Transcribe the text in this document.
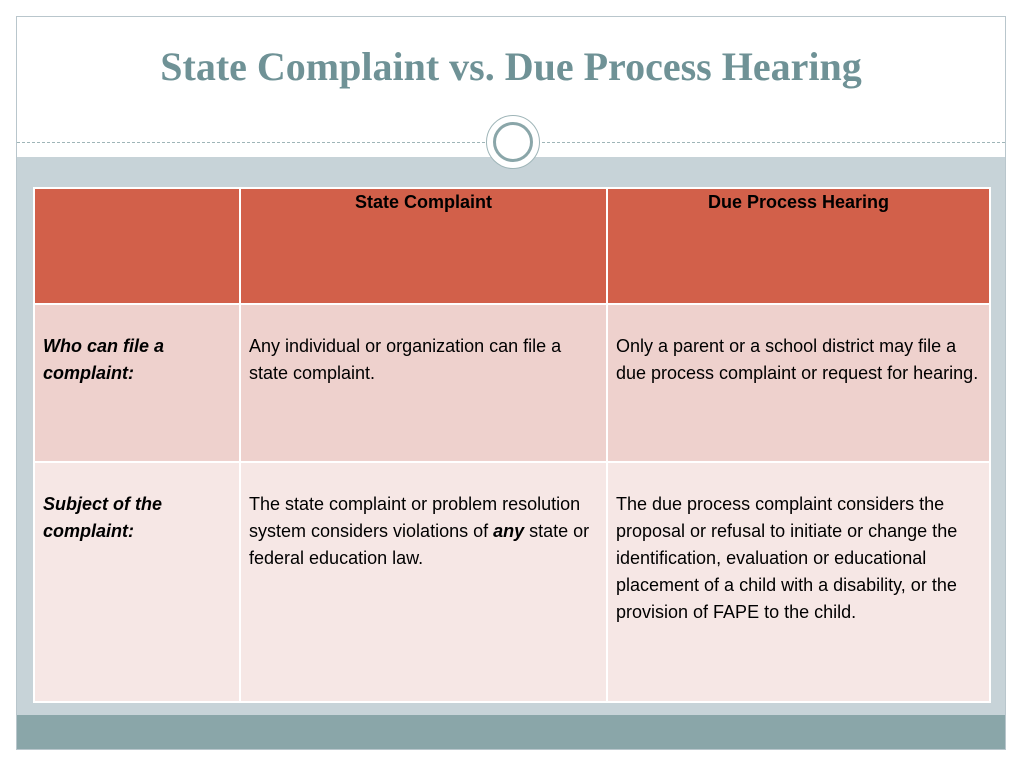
State Complaint vs. Due Process Hearing
	State Complaint	Due Process Hearing

Who can file a complaint:	Any individual or organization can file a state complaint.	Only a parent or a school district may file a due process complaint or request for hearing.

Subject of the complaint:	The state complaint or problem resolution system considers violations of any state or federal education law.	The due process complaint considers the proposal or refusal to initiate or change the identification, evaluation or educational placement of a child with a disability, or the provision of FAPE to the child.
